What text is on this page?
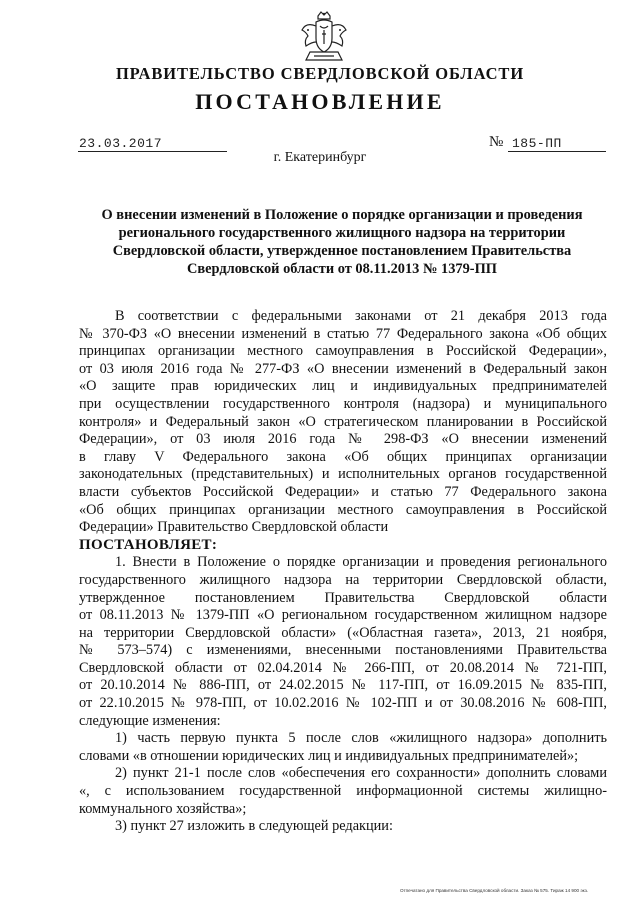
ПРАВИТЕЛЬСТВО СВЕРДЛОВСКОЙ ОБЛАСТИ
ПОСТАНОВЛЕНИЕ
23.03.2017	№ 185-ПП
г. Екатеринбург
О внесении изменений в Положение о порядке организации и проведения
регионального государственного жилищного надзора на территории
Свердловской области, утвержденное постановлением Правительства
Свердловской области от 08.11.2013 № 1379-ПП
В соответствии с федеральными законами от 21 декабря 2013 года
№ 370-ФЗ «О внесении изменений в статью 77 Федерального закона «Об общих
принципах организации местного самоуправления в Российской Федерации»,
от 03 июля 2016 года № 277-ФЗ «О внесении изменений в Федеральный закон
«О защите прав юридических лиц и индивидуальных предпринимателей
при осуществлении государственного контроля (надзора) и муниципального
контроля» и Федеральный закон «О стратегическом планировании в Российской
Федерации», от 03 июля 2016 года № 298-ФЗ «О внесении изменений
в главу V Федерального закона «Об общих принципах организации
законодательных (представительных) и исполнительных органов государственной
власти субъектов Российской Федерации» и статью 77 Федерального закона
«Об общих принципах организации местного самоуправления в Российской
Федерации» Правительство Свердловской области
ПОСТАНОВЛЯЕТ:
1. Внести в Положение о порядке организации и проведения регионального
государственного жилищного надзора на территории Свердловской области,
утвержденное постановлением Правительства Свердловской области
от 08.11.2013 № 1379-ПП «О региональном государственном жилищном надзоре
на территории Свердловской области» («Областная газета», 2013, 21 ноября,
№ 573–574) с изменениями, внесенными постановлениями Правительства
Свердловской области от 02.04.2014 № 266-ПП, от 20.08.2014 № 721-ПП,
от 20.10.2014 № 886-ПП, от 24.02.2015 № 117-ПП, от 16.09.2015 № 835-ПП,
от 22.10.2015 № 978-ПП, от 10.02.2016 № 102-ПП и от 30.08.2016 № 608-ПП,
следующие изменения:
1) часть первую пункта 5 после слов «жилищного надзора» дополнить
словами «в отношении юридических лиц и индивидуальных предпринимателей»;
2) пункт 21-1 после слов «обеспечения его сохранности» дополнить словами
«, с использованием государственной информационной системы жилищно-
коммунального хозяйства»;
3) пункт 27 изложить в следующей редакции:
Отпечатано для Правительства Свердловской области. Заказ № 575. Тираж 14 900 экз.
